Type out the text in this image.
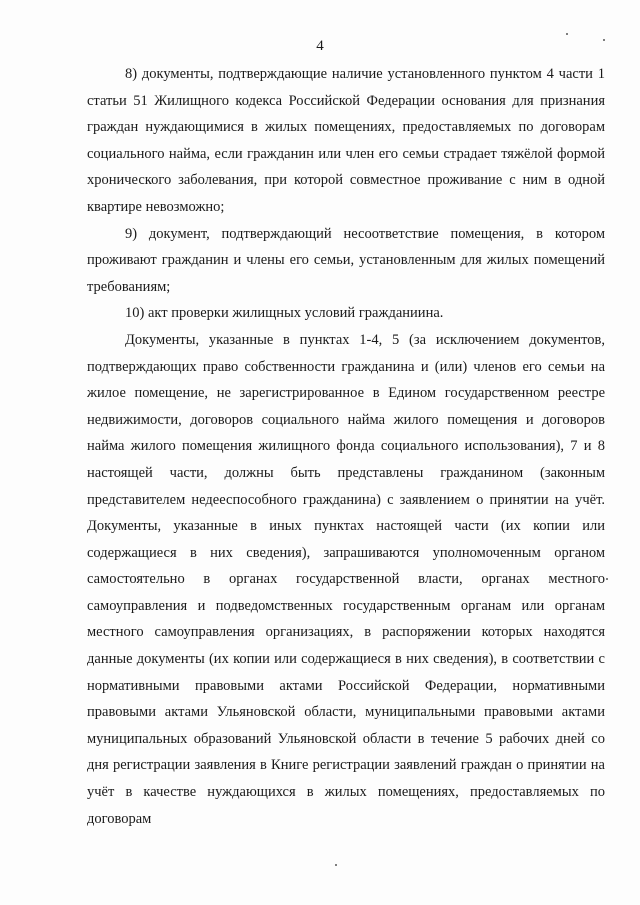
4

8) документы, подтверждающие наличие установленного пунктом 4 части 1 статьи 51 Жилищного кодекса Российской Федерации основания для признания граждан нуждающимися в жилых помещениях, предоставляемых по договорам социального найма, если гражданин или член его семьи страдает тяжёлой формой хронического заболевания, при которой совместное проживание с ним в одной квартире невозможно;

9) документ, подтверждающий несоответствие помещения, в котором проживают гражданин и члены его семьи, установленным для жилых помещений требованиям;

10) акт проверки жилищных условий гражданиина.

Документы, указанные в пунктах 1-4, 5 (за исключением документов, подтверждающих право собственности гражданина и (или) членов его семьи на жилое помещение, не зарегистрированное в Едином государственном реестре недвижимости, договоров социального найма жилого помещения и договоров найма жилого помещения жилищного фонда социального использования), 7 и 8 настоящей части, должны быть представлены гражданином (законным представителем недееспособного гражданина) с заявлением о принятии на учёт. Документы, указанные в иных пунктах настоящей части (их копии или содержащиеся в них сведения), запрашиваются уполномоченным органом самостоятельно в органах государственной власти, органах местного самоуправления и подведомственных государственным органам или органам местного самоуправления организациях, в распоряжении которых находятся данные документы (их копии или содержащиеся в них сведения), в соответствии с нормативными правовыми актами Российской Федерации, нормативными правовыми актами Ульяновской области, муниципальными правовыми актами муниципальных образований Ульяновской области в течение 5 рабочих дней со дня регистрации заявления в Книге регистрации заявлений граждан о принятии на учёт в качестве нуждающихся в жилых помещениях, предоставляемых по договорам
